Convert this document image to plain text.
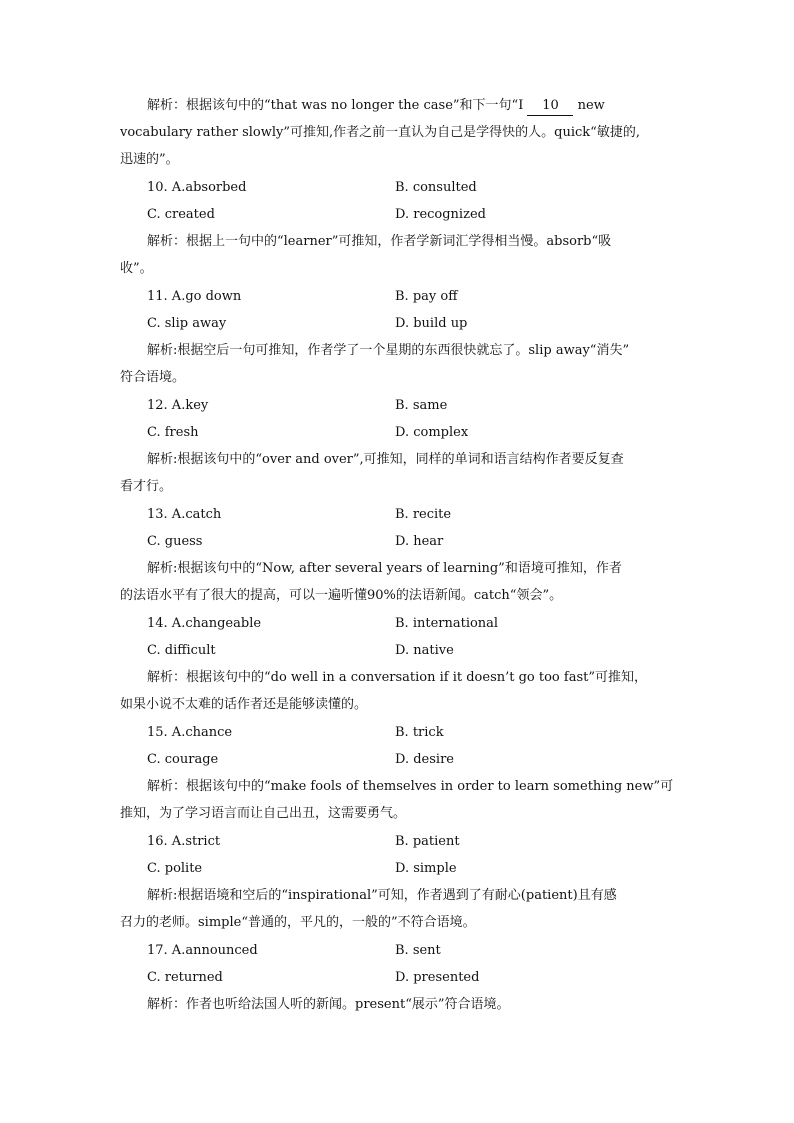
解析：根据该句中的“that was no longer the case”和下一句“I 10 new
vocabulary rather slowly”可推知,作者之前一直认为自己是学得快的人。quick“敏捷的,
迅速的”。
10. A.absorbed	B. consulted
C. created	D. recognized
解析：根据上一句中的“learner”可推知，作者学新词汇学得相当慢。absorb“吸
收”。
11. A.go down	B. pay off
C. slip away	D. build up
解析:根据空后一句可推知，作者学了一个星期的东西很快就忘了。slip away“消失”
符合语境。
12. A.key	B. same
C. fresh	D. complex
解析:根据该句中的“over and over”,可推知，同样的单词和语言结构作者要反复查
看才行。
13. A.catch	B. recite
C. guess	D. hear
解析:根据该句中的“Now, after several years of learning”和语境可推知，作者
的法语水平有了很大的提高，可以一遍听懂90%的法语新闻。catch“领会”。
14. A.changeable	B. international
C. difficult	D. native
解析：根据该句中的“do well in a conversation if it doesn’t go too fast”可推知，
如果小说不太难的话作者还是能够读懂的。
15. A.chance	B. trick
C. courage	D. desire
解析：根据该句中的“make fools of themselves in order to learn something new”可
推知，为了学习语言而让自己出丑，这需要勇气。
16. A.strict	B. patient
C. polite	D. simple
解析:根据语境和空后的“inspirational”可知，作者遇到了有耐心(patient)且有感
召力的老师。simple“普通的，平凡的，一般的”不符合语境。
17. A.announced	B. sent
C. returned	D. presented
解析：作者也听给法国人听的新闻。present“展示”符合语境。
